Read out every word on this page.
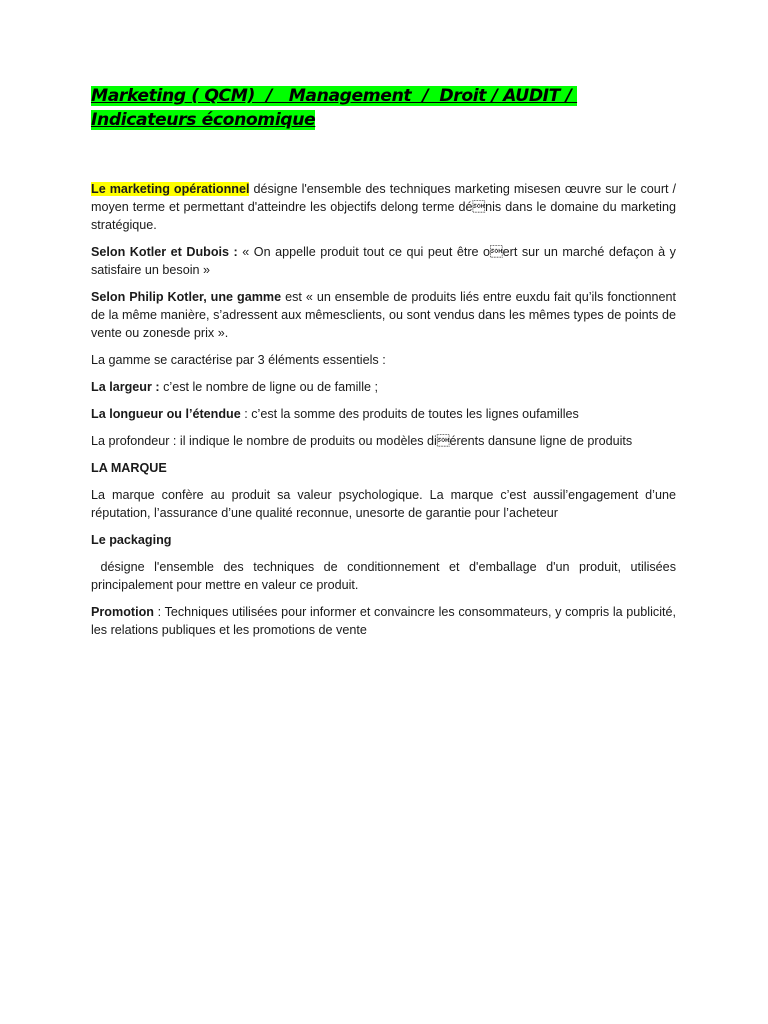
Marketing ( QCM)  /   Management  /  Droit / AUDIT / Indicateurs économique

Le marketing opérationnel désigne l'ensemble des techniques marketing misesen œuvre sur le court / moyen terme et permettant d'atteindre les objectifs delong terme dénis dans le domaine du marketing stratégique.

Selon Kotler et Dubois : « On appelle produit tout ce qui peut être oert sur un marché defaçon à y satisfaire un besoin »

Selon Philip Kotler, une gamme est « un ensemble de produits liés entre euxdu fait qu’ils fonctionnent de la même manière, s’adressent aux mêmesclients, ou sont vendus dans les mêmes types de points de vente ou zonesde prix ».

La gamme se caractérise par 3 éléments essentiels :

La largeur : c’est le nombre de ligne ou de famille ;

La longueur ou l’étendue : c’est la somme des produits de toutes les lignes oufamilles

La profondeur : il indique le nombre de produits ou modèles diérents dansune ligne de produits

LA MARQUE

La marque confère au produit sa valeur psychologique. La marque c’est aussil’engagement d’une réputation, l’assurance d’une qualité reconnue, unesorte de garantie pour l’acheteur

Le packaging

désigne l'ensemble des techniques de conditionnement et d'emballage d'un produit, utilisées principalement pour mettre en valeur ce produit.

Promotion : Techniques utilisées pour informer et convaincre les consommateurs, y compris la publicité, les relations publiques et les promotions de vente
